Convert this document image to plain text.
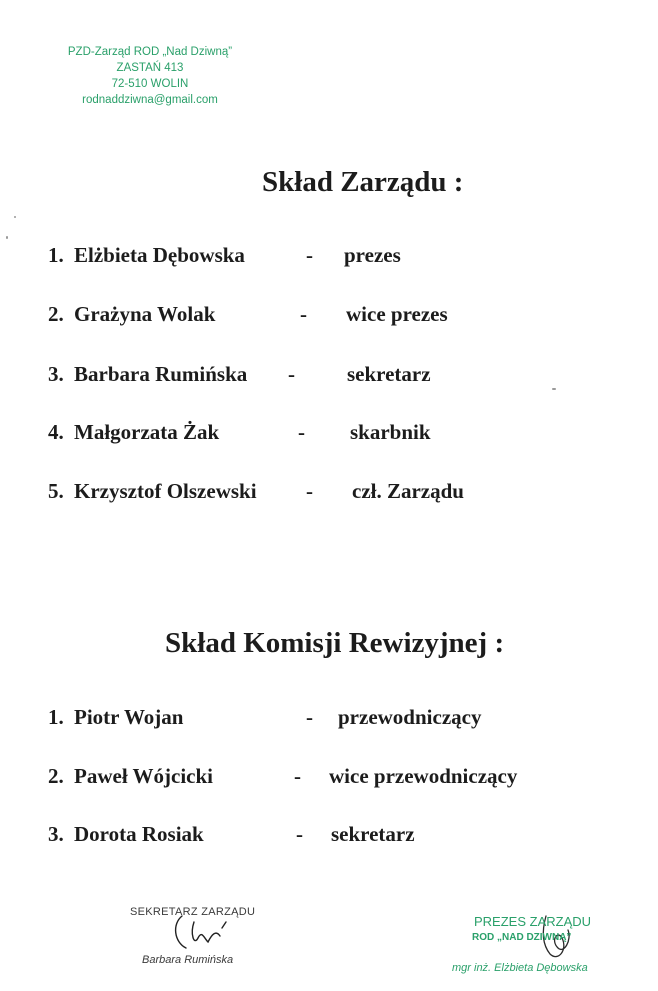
PZD-Zarząd ROD „Nad Dziwną”
ZASTAŃ 413
72-510 WOLIN
rodnaddziwna@gmail.com
Skład Zarządu :
1. Elżbieta Dębowska	- prezes
2. Grażyna Wolak	- wice prezes
3. Barbara Rumińska - sekretarz
4. Małgorzata Żak	- skarbnik
5. Krzysztof Olszewski - czł. Zarządu
Skład Komisji Rewizyjnej :
1. Piotr Wojan	- przewodniczący
2. Paweł Wójcicki	- wice przewodniczący
3. Dorota Rosiak	- sekretarz
SEKRETARZ ZARZĄDU
Barbara Rumińska
PREZES ZARZĄDU
ROD „NAD DZIWNĄ”
mgr inż. Elżbieta Dębowska
